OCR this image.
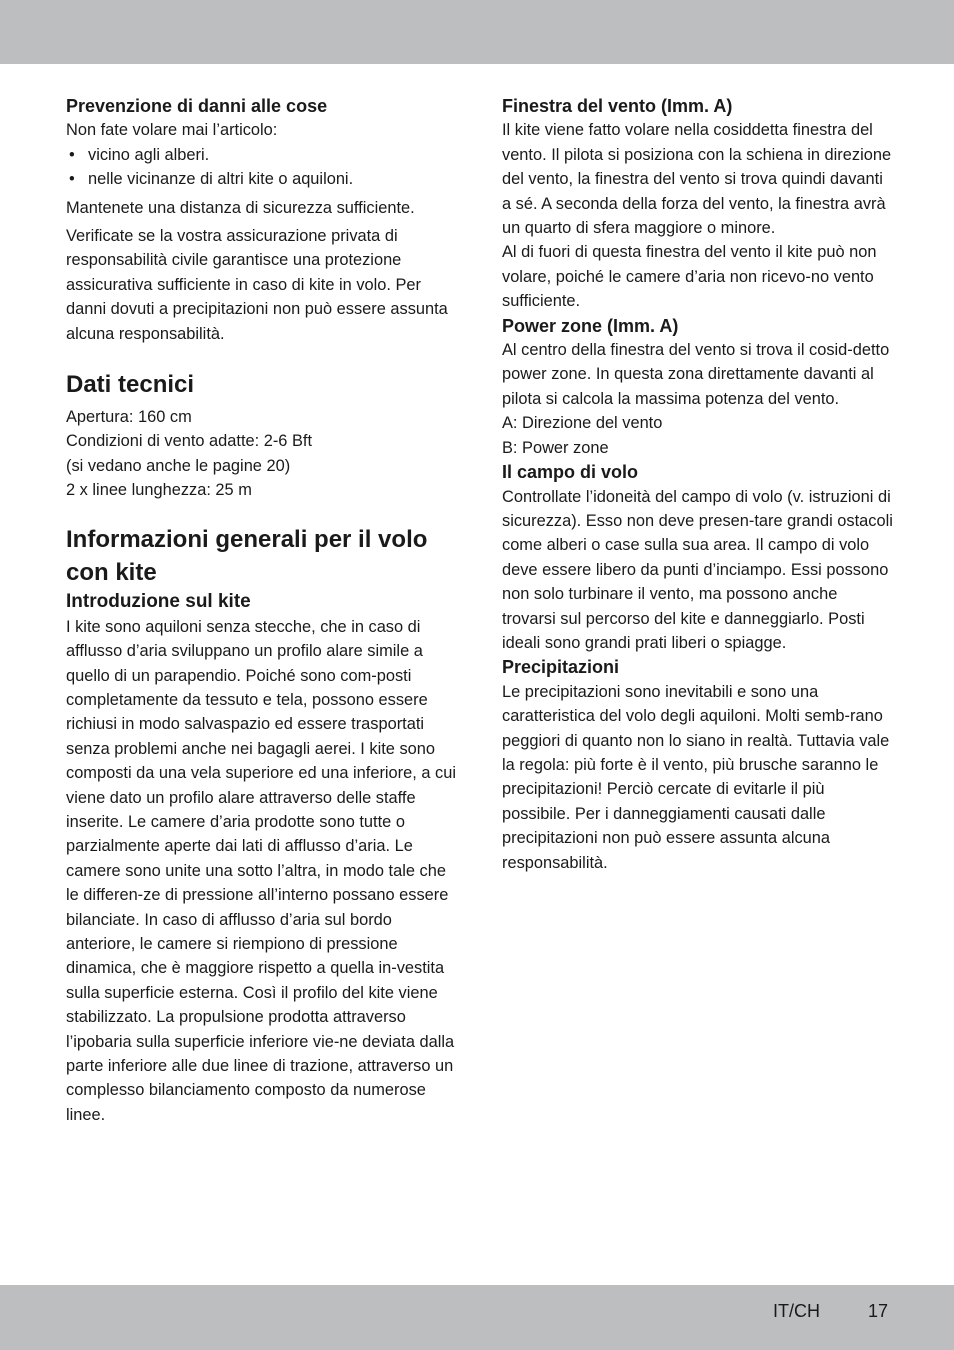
Prevenzione di danni alle cose

Non fate volare mai l’articolo:

• vicino agli alberi.
• nelle vicinanze di altri kite o aquiloni.

Mantenete una distanza di sicurezza sufficiente.

Verificate se la vostra assicurazione privata di responsabilità civile garantisce una protezione assicurativa sufficiente in caso di kite in volo. Per danni dovuti a precipitazioni non può essere assunta alcuna responsabilità.

Dati tecnici

Apertura: 160 cm

Condizioni di vento adatte: 2-6 Bft

(si vedano anche le pagine 20)

2 x linee lunghezza: 25 m

Informazioni generali per il volo con kite
Introduzione sul kite

I kite sono aquiloni senza stecche, che in caso di afflusso d’aria sviluppano un profilo alare simile a quello di un parapendio. Poiché sono com-posti completamente da tessuto e tela, possono essere richiusi in modo salvaspazio ed essere trasportati senza problemi anche nei bagagli aerei. I kite sono composti da una vela superiore ed una inferiore, a cui viene dato un profilo alare attraverso delle staffe inserite. Le camere d’aria prodotte sono tutte o parzialmente aperte dai lati di afflusso d’aria. Le camere sono unite una sotto l’altra, in modo tale che le differen-ze di pressione all’interno possano essere bilanciate. In caso di afflusso d’aria sul bordo anteriore, le camere si riempiono di pressione dinamica, che è maggiore rispetto a quella in-vestita sulla superficie esterna. Così il profilo del kite viene stabilizzato. La propulsione prodotta attraverso l’ipobaria sulla superficie inferiore vie-ne deviata dalla parte inferiore alle due linee di trazione, attraverso un complesso bilanciamento composto da numerose linee.

Finestra del vento (Imm. A)

Il kite viene fatto volare nella cosiddetta finestra del vento. Il pilota si posiziona con la schiena in direzione del vento, la finestra del vento si trova quindi davanti a sé. A seconda della forza del vento, la finestra avrà un quarto di sfera maggiore o minore.

Al di fuori di questa finestra del vento il kite può non volare, poiché le camere d’aria non ricevo-no vento sufficiente.

Power zone (Imm. A)

Al centro della finestra del vento si trova il cosid-detto power zone. In questa zona direttamente davanti al pilota si calcola la massima potenza del vento.

A: Direzione del vento

B: Power zone

Il campo di volo

Controllate l’idoneità del campo di volo (v. istruzioni di sicurezza). Esso non deve presen-tare grandi ostacoli come alberi o case sulla sua area. Il campo di volo deve essere libero da punti d’inciampo. Essi possono non solo turbinare il vento, ma possono anche trovarsi sul percorso del kite e danneggiarlo. Posti ideali sono grandi prati liberi o spiagge.

Precipitazioni

Le precipitazioni sono inevitabili e sono una caratteristica del volo degli aquiloni. Molti semb-rano peggiori di quanto non lo siano in realtà. Tuttavia vale la regola: più forte è il vento, più brusche saranno le precipitazioni! Perciò cercate di evitarle il più possibile. Per i danneggiamenti causati dalle precipitazioni non può essere assunta alcuna responsabilità.

IT/CH	17
